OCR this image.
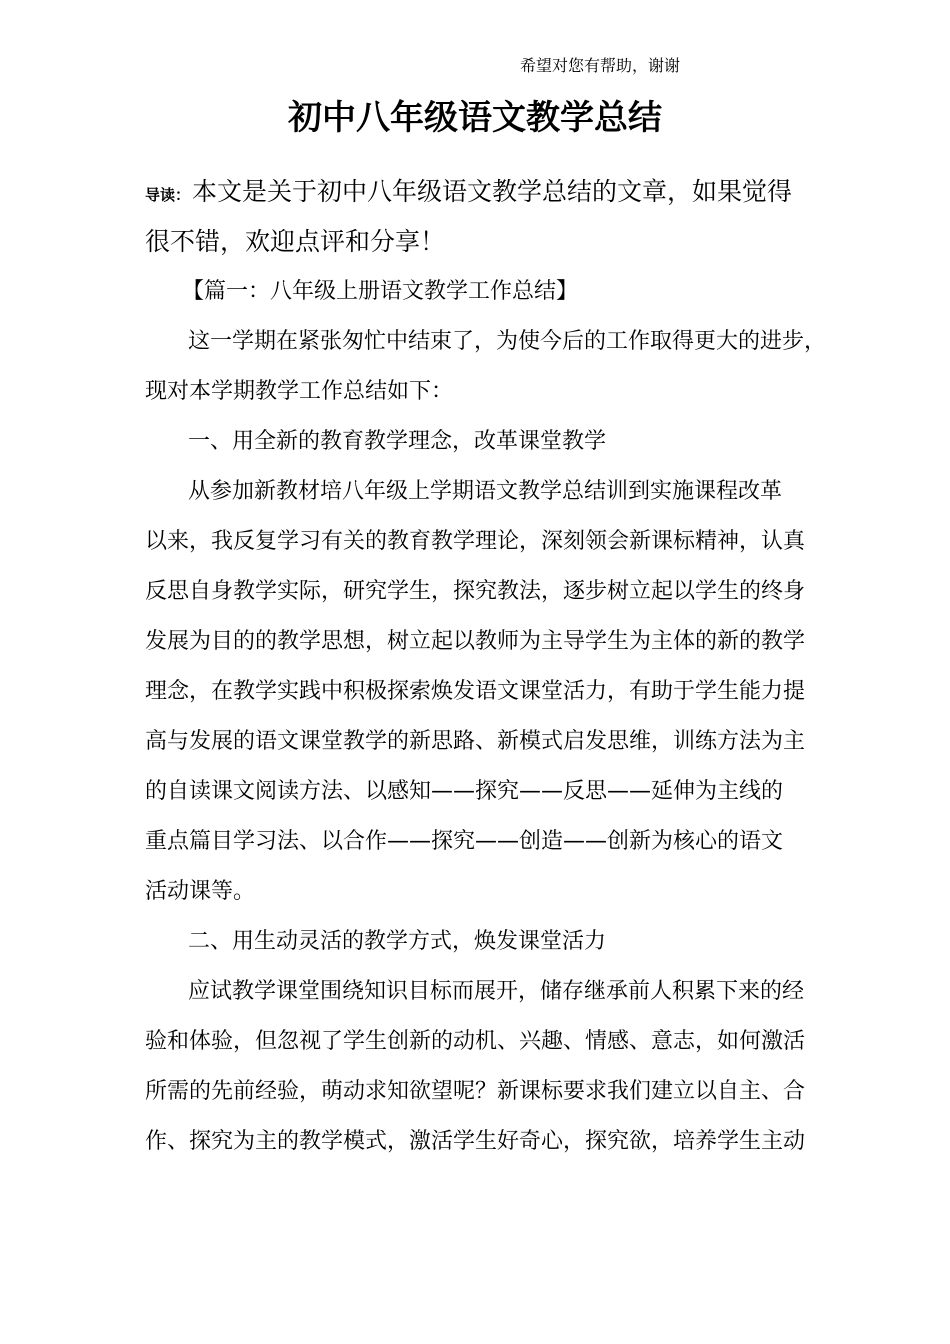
希望对您有帮助，谢谢
初中八年级语文教学总结
导读：本文是关于初中八年级语文教学总结的文章，如果觉得
很不错，欢迎点评和分享！
【篇一：八年级上册语文教学工作总结】
这一学期在紧张匆忙中结束了，为使今后的工作取得更大的进步，
现对本学期教学工作总结如下：
一、用全新的教育教学理念，改革课堂教学
从参加新教材培八年级上学期语文教学总结训到实施课程改革
以来，我反复学习有关的教育教学理论，深刻领会新课标精神，认真
反思自身教学实际，研究学生，探究教法，逐步树立起以学生的终身
发展为目的的教学思想，树立起以教师为主导学生为主体的新的教学
理念，在教学实践中积极探索焕发语文课堂活力，有助于学生能力提
高与发展的语文课堂教学的新思路、新模式启发思维，训练方法为主
的自读课文阅读方法、以感知——探究——反思——延伸为主线的
重点篇目学习法、以合作——探究——创造——创新为核心的语文
活动课等。
二、用生动灵活的教学方式，焕发课堂活力
应试教学课堂围绕知识目标而展开，储存继承前人积累下来的经
验和体验，但忽视了学生创新的动机、兴趣、情感、意志，如何激活
所需的先前经验，萌动求知欲望呢？新课标要求我们建立以自主、合
作、探究为主的教学模式，激活学生好奇心，探究欲，培养学生主动
